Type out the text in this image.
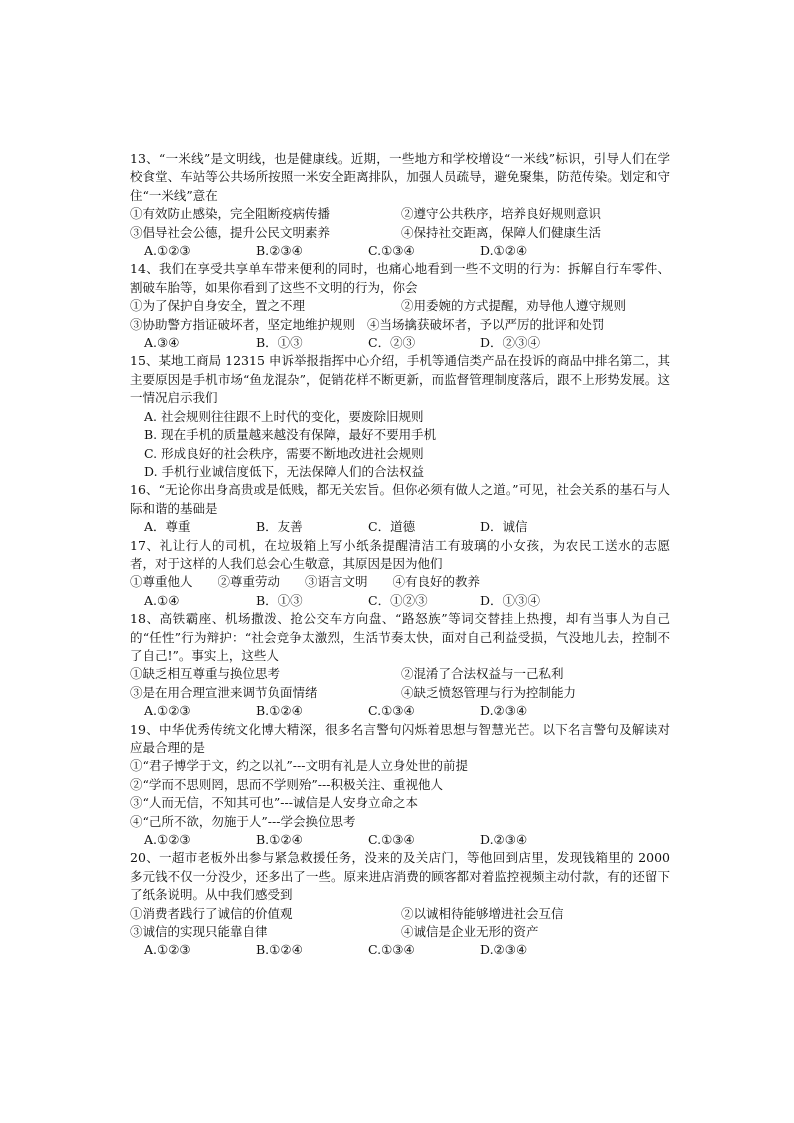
13、“一米线”是文明线，也是健康线。近期，一些地方和学校增设“一米线”标识，引导人们在学校食堂、车站等公共场所按照一米安全距离排队，加强人员疏导，避免聚集，防范传染。划定和守住“一米线”意在
①有效防止感染，完全阻断疫病传播	②遵守公共秩序，培养良好规则意识
③倡导社会公德，提升公民文明素养	④保持社交距离，保障人们健康生活
A.①②③	B.②③④	C.①③④	D.①②④
14、我们在享受共享单车带来便利的同时，也痛心地看到一些不文明的行为：拆解自行车零件、割破车胎等，如果你看到了这些不文明的行为，你会
①为了保护自身安全，置之不理	②用委婉的方式提醒，劝导他人遵守规则
③协助警方指证破坏者，坚定地维护规则 ④当场擒获破坏者，予以严厉的批评和处罚
A.③④	B．①③	C．②③	D．②③④
15、某地工商局 12315 申诉举报指挥中心介绍，手机等通信类产品在投诉的商品中排名第二，其主要原因是手机市场“鱼龙混杂”，促销花样不断更新，而监督管理制度落后，跟不上形势发展。这一情况启示我们
A. 社会规则往往跟不上时代的变化，要废除旧规则
B. 现在手机的质量越来越没有保障，最好不要用手机
C. 形成良好的社会秩序，需要不断地改进社会规则
D. 手机行业诚信度低下，无法保障人们的合法权益
16、“无论你出身高贵或是低贱，都无关宏旨。但你必须有做人之道。”可见，社会关系的基石与人际和谐的基础是
A．尊重	B．友善	C．道德	D．诚信
17、礼让行人的司机，在垃圾箱上写小纸条提醒清洁工有玻璃的小女孩，为农民工送水的志愿者，对于这样的人我们总会心生敬意，其原因是因为他们
①尊重他人　　②尊重劳动　　③语言文明　　④有良好的教养
A.①④	B．①③	C．①②③	D．①③④
18、高铁霸座、机场撒泼、抢公交车方向盘、“路怒族”等词交替挂上热搜，却有当事人为自己的“任性”行为辩护：“社会竞争太激烈，生活节奏太快，面对自己利益受损，气没地儿去，控制不了自己!”。事实上，这些人
①缺乏相互尊重与换位思考	②混淆了合法权益与一己私利
③是在用合理宣泄来调节负面情绪	④缺乏愤怒管理与行为控制能力
A.①②③	B.①②④	C.①③④	D.②③④
19、中华优秀传统文化博大精深，很多名言警句闪烁着思想与智慧光芒。以下名言警句及解读对应最合理的是
①“君子博学于文，约之以礼”---文明有礼是人立身处世的前提
②“学而不思则罔，思而不学则殆”---积极关注、重视他人
③“人而无信，不知其可也”---诚信是人安身立命之本
④“己所不欲，勿施于人”---学会换位思考
A.①②③	B.①②④	C.①③④	D.②③④
20、一超市老板外出参与紧急救援任务，没来的及关店门，等他回到店里，发现钱箱里的 2000 多元钱不仅一分没少，还多出了一些。原来进店消费的顾客都对着监控视频主动付款，有的还留下了纸条说明。从中我们感受到
①消费者践行了诚信的价值观	②以诚相待能够增进社会互信
③诚信的实现只能靠自律	④诚信是企业无形的资产
A.①②③	B.①②④	C.①③④	D.②③④
